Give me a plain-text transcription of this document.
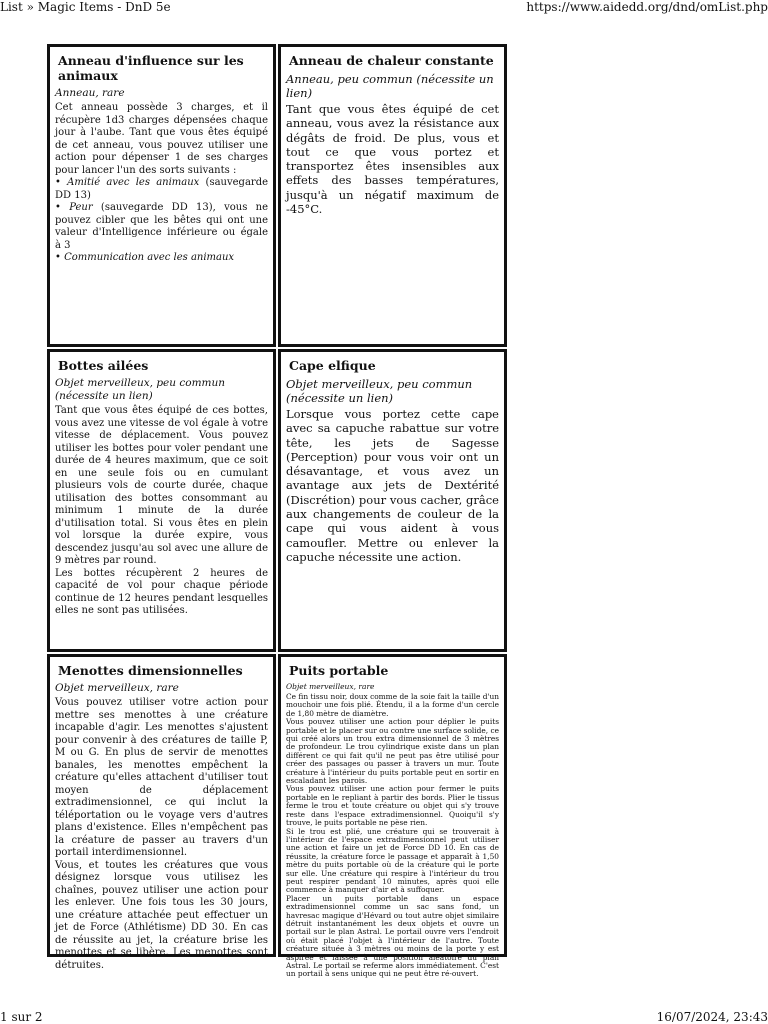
List » Magic Items - DnD 5e	https://www.aidedd.org/dnd/omList.php
Anneau d'influence sur les animaux
Anneau, rare

Cet anneau possède 3 charges, et il récupère 1d3 charges dépensées chaque jour à l'aube. Tant que vous êtes équipé de cet anneau, vous pouvez utiliser une action pour dépenser 1 de ses charges pour lancer l'un des sorts suivants :

• Amitié avec les animaux (sauvegarde DD 13)

• Peur (sauvegarde DD 13), vous ne pouvez cibler que les bêtes qui ont une valeur d'Intelligence inférieure ou égale à 3

• Communication avec les animaux

Anneau de chaleur constante
Anneau, peu commun (nécessite un lien)

Tant que vous êtes équipé de cet anneau, vous avez la résistance aux dégâts de froid. De plus, vous et tout ce que vous portez et transportez êtes insensibles aux effets des basses températures, jusqu'à un négatif maximum de -45°C.

Bottes ailées
Objet merveilleux, peu commun (nécessite un lien)

Tant que vous êtes équipé de ces bottes, vous avez une vitesse de vol égale à votre vitesse de déplacement. Vous pouvez utiliser les bottes pour voler pendant une durée de 4 heures maximum, que ce soit en une seule fois ou en cumulant plusieurs vols de courte durée, chaque utilisation des bottes consommant au minimum 1 minute de la durée d'utilisation total. Si vous êtes en plein vol lorsque la durée expire, vous descendez jusqu'au sol avec une allure de 9 mètres par round.

Les bottes récupèrent 2 heures de capacité de vol pour chaque période continue de 12 heures pendant lesquelles elles ne sont pas utilisées.

Cape elfique
Objet merveilleux, peu commun (nécessite un lien)

Lorsque vous portez cette cape avec sa capuche rabattue sur votre tête, les jets de Sagesse (Perception) pour vous voir ont un désavantage, et vous avez un avantage aux jets de Dextérité (Discrétion) pour vous cacher, grâce aux changements de couleur de la cape qui vous aident à vous camoufler. Mettre ou enlever la capuche nécessite une action.

Menottes dimensionnelles
Objet merveilleux, rare

Vous pouvez utiliser votre action pour mettre ses menottes à une créature incapable d'agir. Les menottes s'ajustent pour convenir à des créatures de taille P, M ou G. En plus de servir de menottes banales, les menottes empêchent la créature qu'elles attachent d'utiliser tout moyen de déplacement extradimensionnel, ce qui inclut la téléportation ou le voyage vers d'autres plans d'existence. Elles n'empêchent pas la créature de passer au travers d'un portail interdimensionnel.

Vous, et toutes les créatures que vous désignez lorsque vous utilisez les chaînes, pouvez utiliser une action pour les enlever. Une fois tous les 30 jours, une créature attachée peut effectuer un jet de Force (Athlétisme) DD 30. En cas de réussite au jet, la créature brise les menottes et se libère. Les menottes sont détruites.

Puits portable
Objet merveilleux, rare

Ce fin tissu noir, doux comme de la soie fait la taille d'un mouchoir une fois plié. Étendu, il a la forme d'un cercle de 1,80 mètre de diamètre.

Vous pouvez utiliser une action pour déplier le puits portable et le placer sur ou contre une surface solide, ce qui créé alors un trou extra dimensionnel de 3 mètres de profondeur. Le trou cylindrique existe dans un plan différent ce qui fait qu'il ne peut pas être utilisé pour créer des passages ou passer à travers un mur. Toute créature à l'intérieur du puits portable peut en sortir en escaladant les parois.

Vous pouvez utiliser une action pour fermer le puits portable en le repliant à partir des bords. Plier le tissus ferme le trou et toute créature ou objet qui s'y trouve reste dans l'espace extradimensionnel. Quoiqu'il s'y trouve, le puits portable ne pèse rien.

Si le trou est plié, une créature qui se trouverait à l'intérieur de l'espace extradimensionnel peut utiliser une action et faire un jet de Force DD 10. En cas de réussite, la créature force le passage et apparaît à 1,50 mètre du puits portable où de la créature qui le porte sur elle. Une créature qui respire à l'intérieur du trou peut respirer pendant 10 minutes, après quoi elle commence à manquer d'air et à suffoquer.

Placer un puits portable dans un espace extradimensionnel comme un sac sans fond, un havresac magique d'Hévard ou tout autre objet similaire détruit instantanément les deux objets et ouvre un portail sur le plan Astral. Le portail ouvre vers l'endroit où était placé l'objet à l'intérieur de l'autre. Toute créature située à 3 mètres ou moins de la porte y est aspirée et laissée à une position aléatoire du plan Astral. Le portail se referme alors immédiatement. C'est un portail à sens unique qui ne peut être ré-ouvert.

1 sur 2	16/07/2024, 23:43
